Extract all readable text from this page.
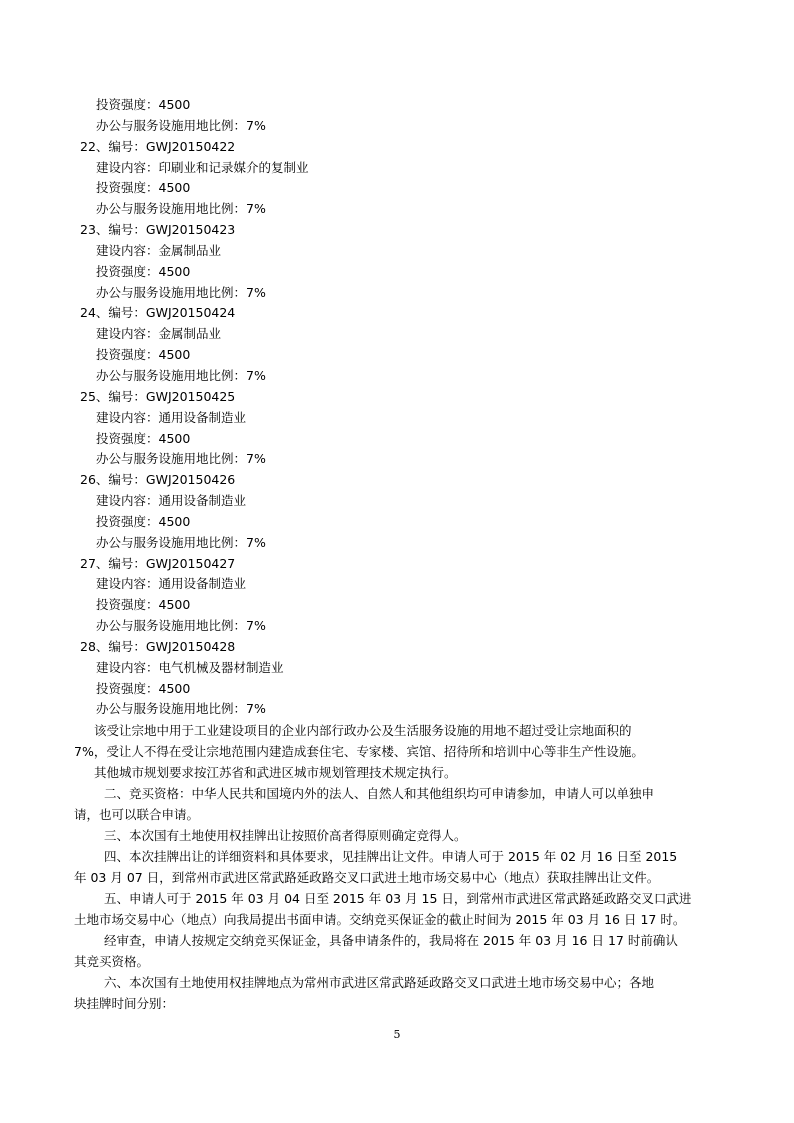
投资强度：4500
办公与服务设施用地比例：7%
22、编号：GWJ20150422
建设内容：印刷业和记录媒介的复制业
投资强度：4500
办公与服务设施用地比例：7%
23、编号：GWJ20150423
建设内容：金属制品业
投资强度：4500
办公与服务设施用地比例：7%
24、编号：GWJ20150424
建设内容：金属制品业
投资强度：4500
办公与服务设施用地比例：7%
25、编号：GWJ20150425
建设内容：通用设备制造业
投资强度：4500
办公与服务设施用地比例：7%
26、编号：GWJ20150426
建设内容：通用设备制造业
投资强度：4500
办公与服务设施用地比例：7%
27、编号：GWJ20150427
建设内容：通用设备制造业
投资强度：4500
办公与服务设施用地比例：7%
28、编号：GWJ20150428
建设内容：电气机械及器材制造业
投资强度：4500
办公与服务设施用地比例：7%
该受让宗地中用于工业建设项目的企业内部行政办公及生活服务设施的用地不超过受让宗地面积的
7%，受让人不得在受让宗地范围内建造成套住宅、专家楼、宾馆、招待所和培训中心等非生产性设施。
其他城市规划要求按江苏省和武进区城市规划管理技术规定执行。
二、竞买资格：中华人民共和国境内外的法人、自然人和其他组织均可申请参加，申请人可以单独申
请，也可以联合申请。
三、本次国有土地使用权挂牌出让按照价高者得原则确定竞得人。
四、本次挂牌出让的详细资料和具体要求，见挂牌出让文件。申请人可于 2015 年 02 月 16 日至 2015
年 03 月 07 日，到常州市武进区常武路延政路交叉口武进土地市场交易中心（地点）获取挂牌出让文件。
五、申请人可于 2015 年 03 月 04 日至 2015 年 03 月 15 日，到常州市武进区常武路延政路交叉口武进
土地市场交易中心（地点）向我局提出书面申请。交纳竞买保证金的截止时间为 2015 年 03 月 16 日 17 时。
经审查，申请人按规定交纳竞买保证金，具备申请条件的，我局将在 2015 年 03 月 16 日 17 时前确认
其竞买资格。
六、本次国有土地使用权挂牌地点为常州市武进区常武路延政路交叉口武进土地市场交易中心；各地
块挂牌时间分别：
5
